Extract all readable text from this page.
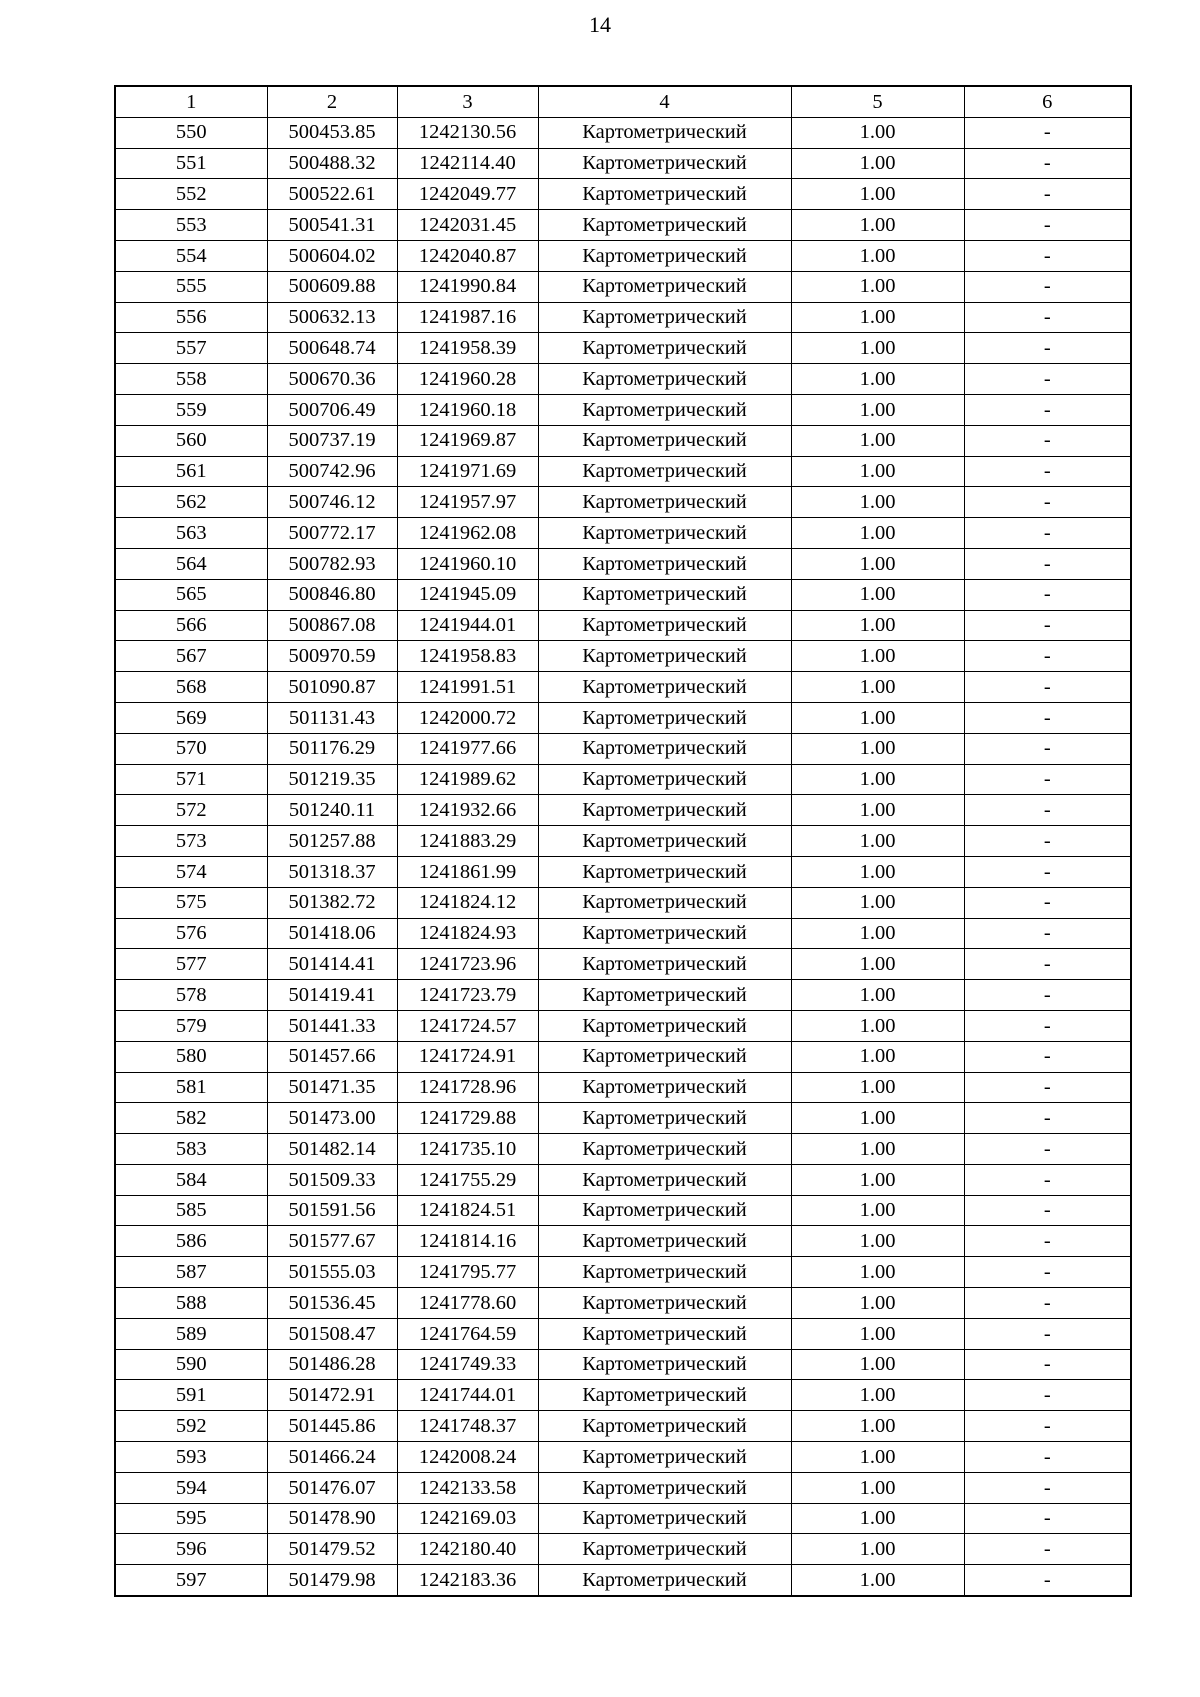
14
1	2	3	4	5	6
550	500453.85	1242130.56	Картометрический	1.00	-
551	500488.32	1242114.40	Картометрический	1.00	-
552	500522.61	1242049.77	Картометрический	1.00	-
553	500541.31	1242031.45	Картометрический	1.00	-
554	500604.02	1242040.87	Картометрический	1.00	-
555	500609.88	1241990.84	Картометрический	1.00	-
556	500632.13	1241987.16	Картометрический	1.00	-
557	500648.74	1241958.39	Картометрический	1.00	-
558	500670.36	1241960.28	Картометрический	1.00	-
559	500706.49	1241960.18	Картометрический	1.00	-
560	500737.19	1241969.87	Картометрический	1.00	-
561	500742.96	1241971.69	Картометрический	1.00	-
562	500746.12	1241957.97	Картометрический	1.00	-
563	500772.17	1241962.08	Картометрический	1.00	-
564	500782.93	1241960.10	Картометрический	1.00	-
565	500846.80	1241945.09	Картометрический	1.00	-
566	500867.08	1241944.01	Картометрический	1.00	-
567	500970.59	1241958.83	Картометрический	1.00	-
568	501090.87	1241991.51	Картометрический	1.00	-
569	501131.43	1242000.72	Картометрический	1.00	-
570	501176.29	1241977.66	Картометрический	1.00	-
571	501219.35	1241989.62	Картометрический	1.00	-
572	501240.11	1241932.66	Картометрический	1.00	-
573	501257.88	1241883.29	Картометрический	1.00	-
574	501318.37	1241861.99	Картометрический	1.00	-
575	501382.72	1241824.12	Картометрический	1.00	-
576	501418.06	1241824.93	Картометрический	1.00	-
577	501414.41	1241723.96	Картометрический	1.00	-
578	501419.41	1241723.79	Картометрический	1.00	-
579	501441.33	1241724.57	Картометрический	1.00	-
580	501457.66	1241724.91	Картометрический	1.00	-
581	501471.35	1241728.96	Картометрический	1.00	-
582	501473.00	1241729.88	Картометрический	1.00	-
583	501482.14	1241735.10	Картометрический	1.00	-
584	501509.33	1241755.29	Картометрический	1.00	-
585	501591.56	1241824.51	Картометрический	1.00	-
586	501577.67	1241814.16	Картометрический	1.00	-
587	501555.03	1241795.77	Картометрический	1.00	-
588	501536.45	1241778.60	Картометрический	1.00	-
589	501508.47	1241764.59	Картометрический	1.00	-
590	501486.28	1241749.33	Картометрический	1.00	-
591	501472.91	1241744.01	Картометрический	1.00	-
592	501445.86	1241748.37	Картометрический	1.00	-
593	501466.24	1242008.24	Картометрический	1.00	-
594	501476.07	1242133.58	Картометрический	1.00	-
595	501478.90	1242169.03	Картометрический	1.00	-
596	501479.52	1242180.40	Картометрический	1.00	-
597	501479.98	1242183.36	Картометрический	1.00	-
